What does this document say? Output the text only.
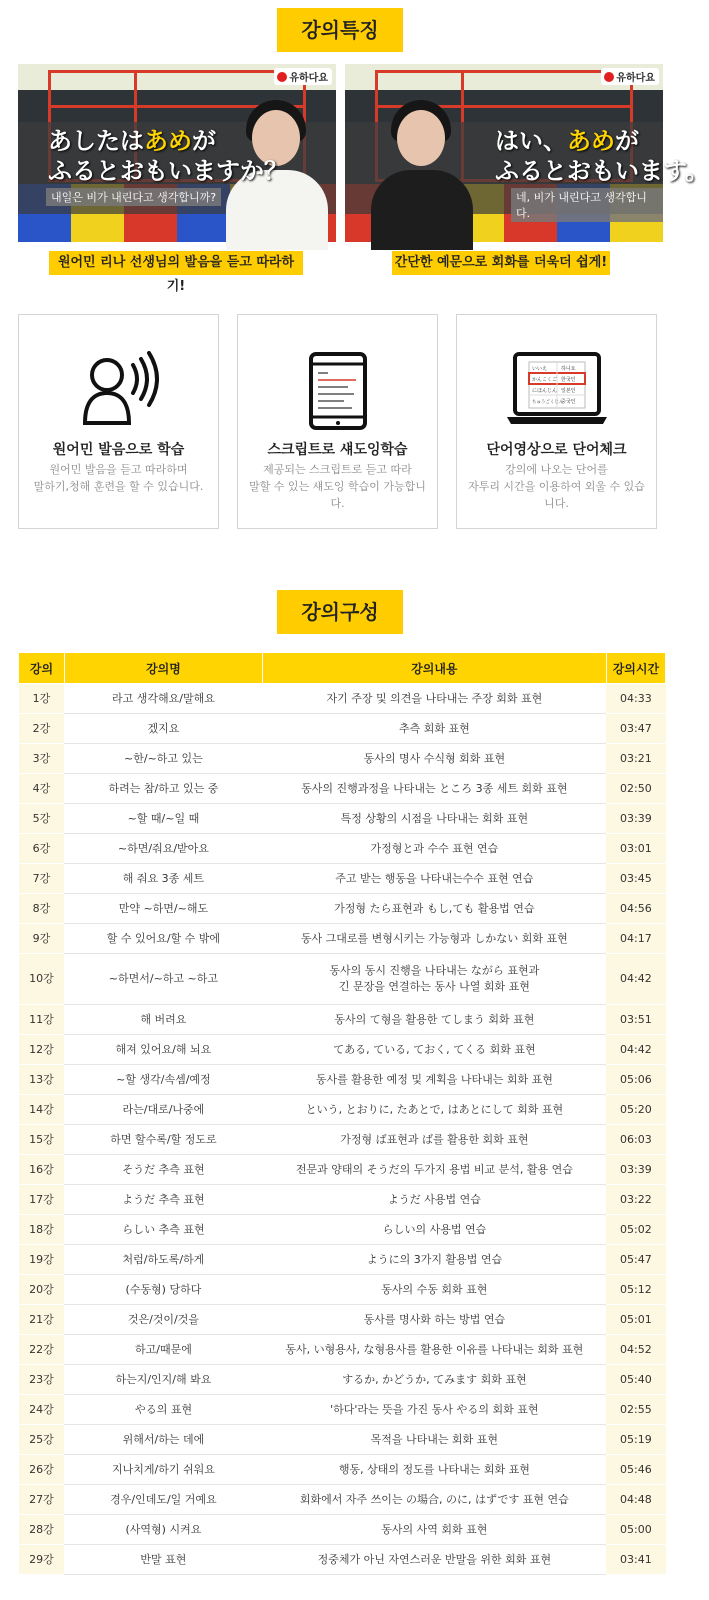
강의특징
あしたはあめが
ふるとおもいますか？
내일은 비가 내린다고 생각합니까?
유하다요
はい、あめが
ふるとおもいます。
네, 비가 내린다고 생각합니다.
유하다요
원어민 리나 선생님의 발음을 듣고 따라하기!
간단한 예문으로 회화를 더욱더 쉽게!
원어민 발음으로 학습
원어민 발음을 듣고 따라하며
말하기,청해 훈련을 할 수 있습니다.
스크립트로 섀도잉학습
제공되는 스크립트로 듣고 따라
말할 수 있는 섀도잉 학습이 가능합니다.
いいえ	하니요
かんこくご 한국인
にほんじん 일본인
ちゅうごくじん
중국인
단어영상으로 단어체크
강의에 나오는 단어를
자투리 시간을 이용하여 외울 수 있습니다.
강의구성
강의	강의명	강의내용	강의시간
1강	라고 생각해요/말해요	자기 주장 및 의견을 나타내는 주장 회화 표현	04:33
2강	겠지요	추측 회화 표현	03:47
3강	~한/~하고 있는	동사의 명사 수식형 회화 표현	03:21
4강	하려는 참/하고 있는 중	동사의 진행과정을 나타내는 ところ 3종 세트 회화 표현	02:50
5강	~할 때/~일 때	특정 상황의 시점을 나타내는 회화 표현	03:39
6강	~하면/줘요/받아요	가정형と과 수수 표현 연습	03:01
7강	해 줘요 3종 세트	주고 받는 행동을 나타내는수수 표현 연습	03:45
8강	만약 ~하면/~해도	가정형 たら표현과 もし,ても 활용법 연습	04:56
9강	할 수 있어요/할 수 밖에	동사 그대로를 변형시키는 가능형과 しかない 회화 표현	04:17
10강	~하면서/~하고 ~하고	동사의 동시 진행을 나타내는 ながら 표현과
긴 문장을 연결하는 동사 나열 회화 표현	04:42
11강	해 버려요	동사의 て형을 활용한 てしまう 회화 표현	03:51
12강	해져 있어요/해 뇌요	てある, ている, ておく, てくる 회화 표현	04:42
13강	~할 생각/속셈/예정	동사를 활용한 예정 및 계획을 나타내는 회화 표현	05:06
14강	라는/대로/나중에	という, とおりに, たあとで, はあとにして 회화 표현	05:20
15강	하면 할수록/할 정도로	가정형 ば표현과 ば를 활용한 회화 표현	06:03
16강	そうだ 추측 표현	전문과 양태의 そうだ의 두가지 용법 비교 분석, 활용 연습	03:39
17강	ようだ 추측 표현	ようだ 사용법 연습	03:22
18강	らしい 추측 표현	らしい의 사용법 연습	05:02
19강	처럼/하도록/하게	ように의 3가지 활용법 연습	05:47
20강	(수동형) 당하다	동사의 수동 회화 표현	05:12
21강	것은/것이/것을	동사를 명사화 하는 방법 연습	05:01
22강	하고/때문에	동사, い형용사, な형용사를 활용한 이유를 나타내는 회화 표현	04:52
23강	하는지/인지/해 봐요	するか, かどうか, てみます 회화 표현	05:40
24강	やる의 표현	'하다'라는 뜻을 가진 동사 やる의 회화 표현	02:55
25강	위해서/하는 데에	목적을 나타내는 회화 표현	05:19
26강	지나치게/하기 쉬워요	행동, 상태의 정도를 나타내는 회화 표현	05:46
27강	경우/인데도/일 거예요	회화에서 자주 쓰이는 の場合, のに, はずです 표현 연습	04:48
28강	(사역형) 시켜요	동사의 사역 회화 표현	05:00
29강	반말 표현	정중체가 아닌 자연스러운 반말을 위한 회화 표현	03:41
